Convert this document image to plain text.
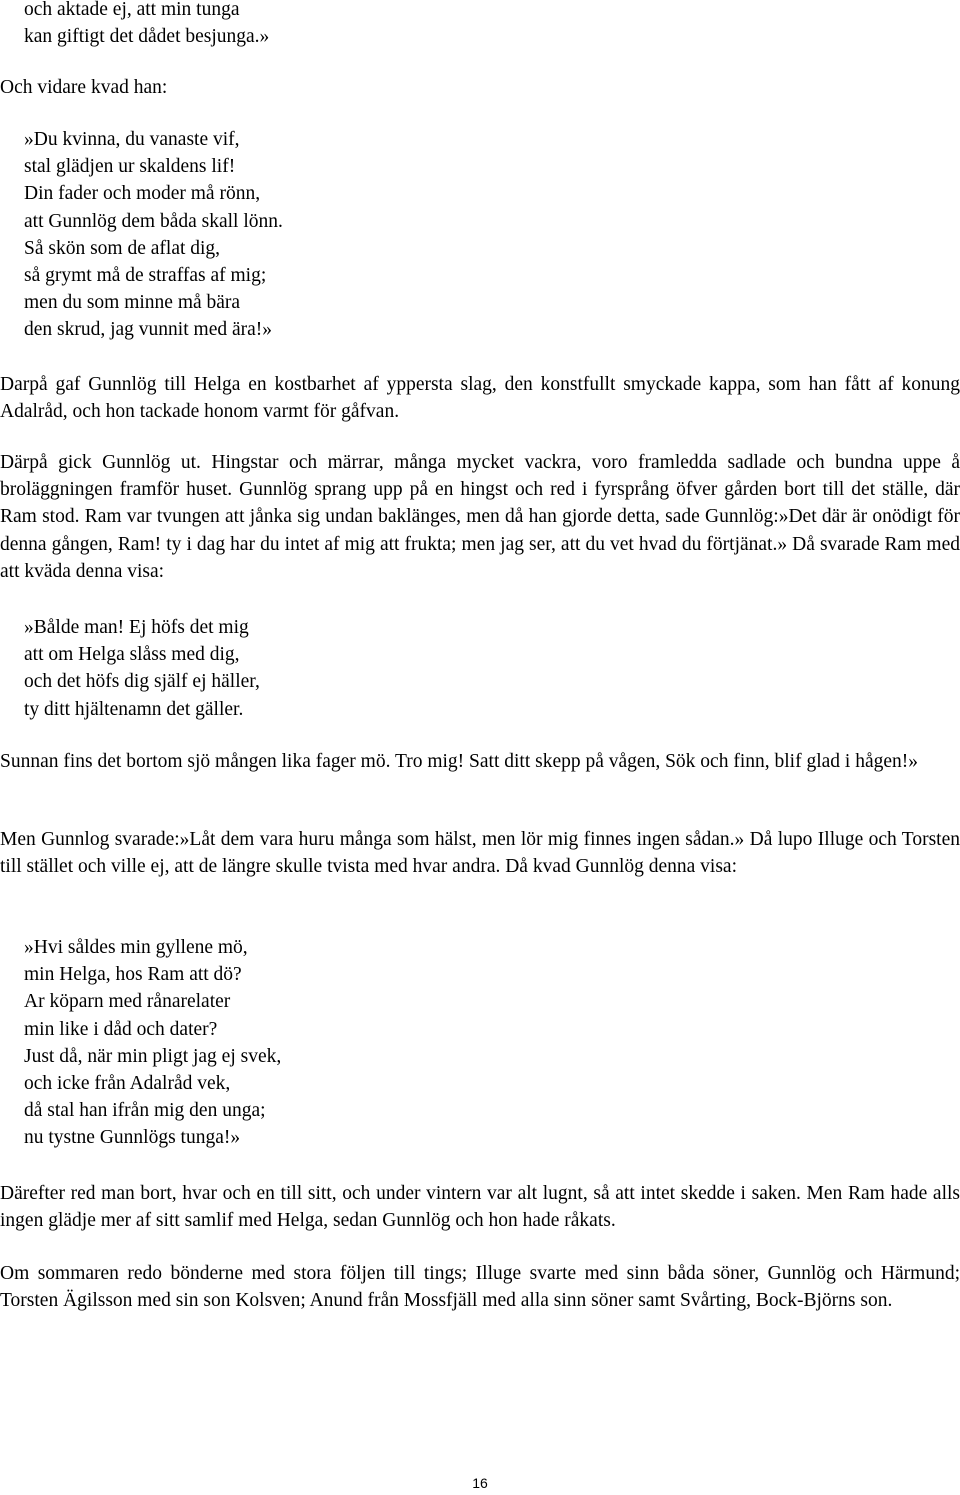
och aktade ej, att min tunga
kan giftigt det dådet besjunga.»
Och vidare kvad han:
»Du kvinna, du vanaste vif,
stal glädjen ur skaldens lif!
Din fader och moder må rönn,
att Gunnlög dem båda skall lönn.
Så skön som de aflat dig,
så grymt må de straffas af mig;
men du som minne må bära
den skrud, jag vunnit med ära!»
Darpå gaf Gunnlög till Helga en kostbarhet af yppersta slag, den konstfullt smyckade kappa, som han fått af konung Adalråd, och hon tackade honom varmt för gåfvan.
Därpå gick Gunnlög ut. Hingstar och märrar, många mycket vackra, voro framledda sadlade och bundna uppe å broläggningen framför huset. Gunnlög sprang upp på en hingst och red i fyrsprång öfver gården bort till det ställe, där Ram stod. Ram var tvungen att jånka sig undan baklänges, men då han gjorde detta, sade Gunnlög:»Det där är onödigt för denna gången, Ram! ty i dag har du intet af mig att frukta; men jag ser, att du vet hvad du förtjänat.» Då svarade Ram med att kväda denna visa:
»Bålde man! Ej höfs det mig
att om Helga slåss med dig,
och det höfs dig själf ej häller,
ty ditt hjältenamn det gäller.
Sunnan fins det bortom sjö mången lika fager mö. Tro mig! Satt ditt skepp på vågen, Sök och finn, blif glad i hågen!»
Men Gunnlog svarade:»Låt dem vara huru många som hälst, men lör mig finnes ingen sådan.» Då lupo Illuge och Torsten till stället och ville ej, att de längre skulle tvista med hvar andra. Då kvad Gunnlög denna visa:
»Hvi såldes min gyllene mö,
min Helga, hos Ram att dö?
Ar köparn med rånarelater
min like i dåd och dater?
Just då, när min pligt jag ej svek,
och icke från Adalråd vek,
då stal han ifrån mig den unga;
nu tystne Gunnlögs tunga!»
Därefter red man bort, hvar och en till sitt, och under vintern var alt lugnt, så att intet skedde i saken. Men Ram hade alls ingen glädje mer af sitt samlif med Helga, sedan Gunnlög och hon hade råkats.
Om sommaren redo bönderne med stora följen till tings; Illuge svarte med sinn båda söner, Gunnlög och Härmund; Torsten Ägilsson med sin son Kolsven; Anund från Mossfjäll med alla sinn söner samt Svårting, Bock-Björns son.
16
